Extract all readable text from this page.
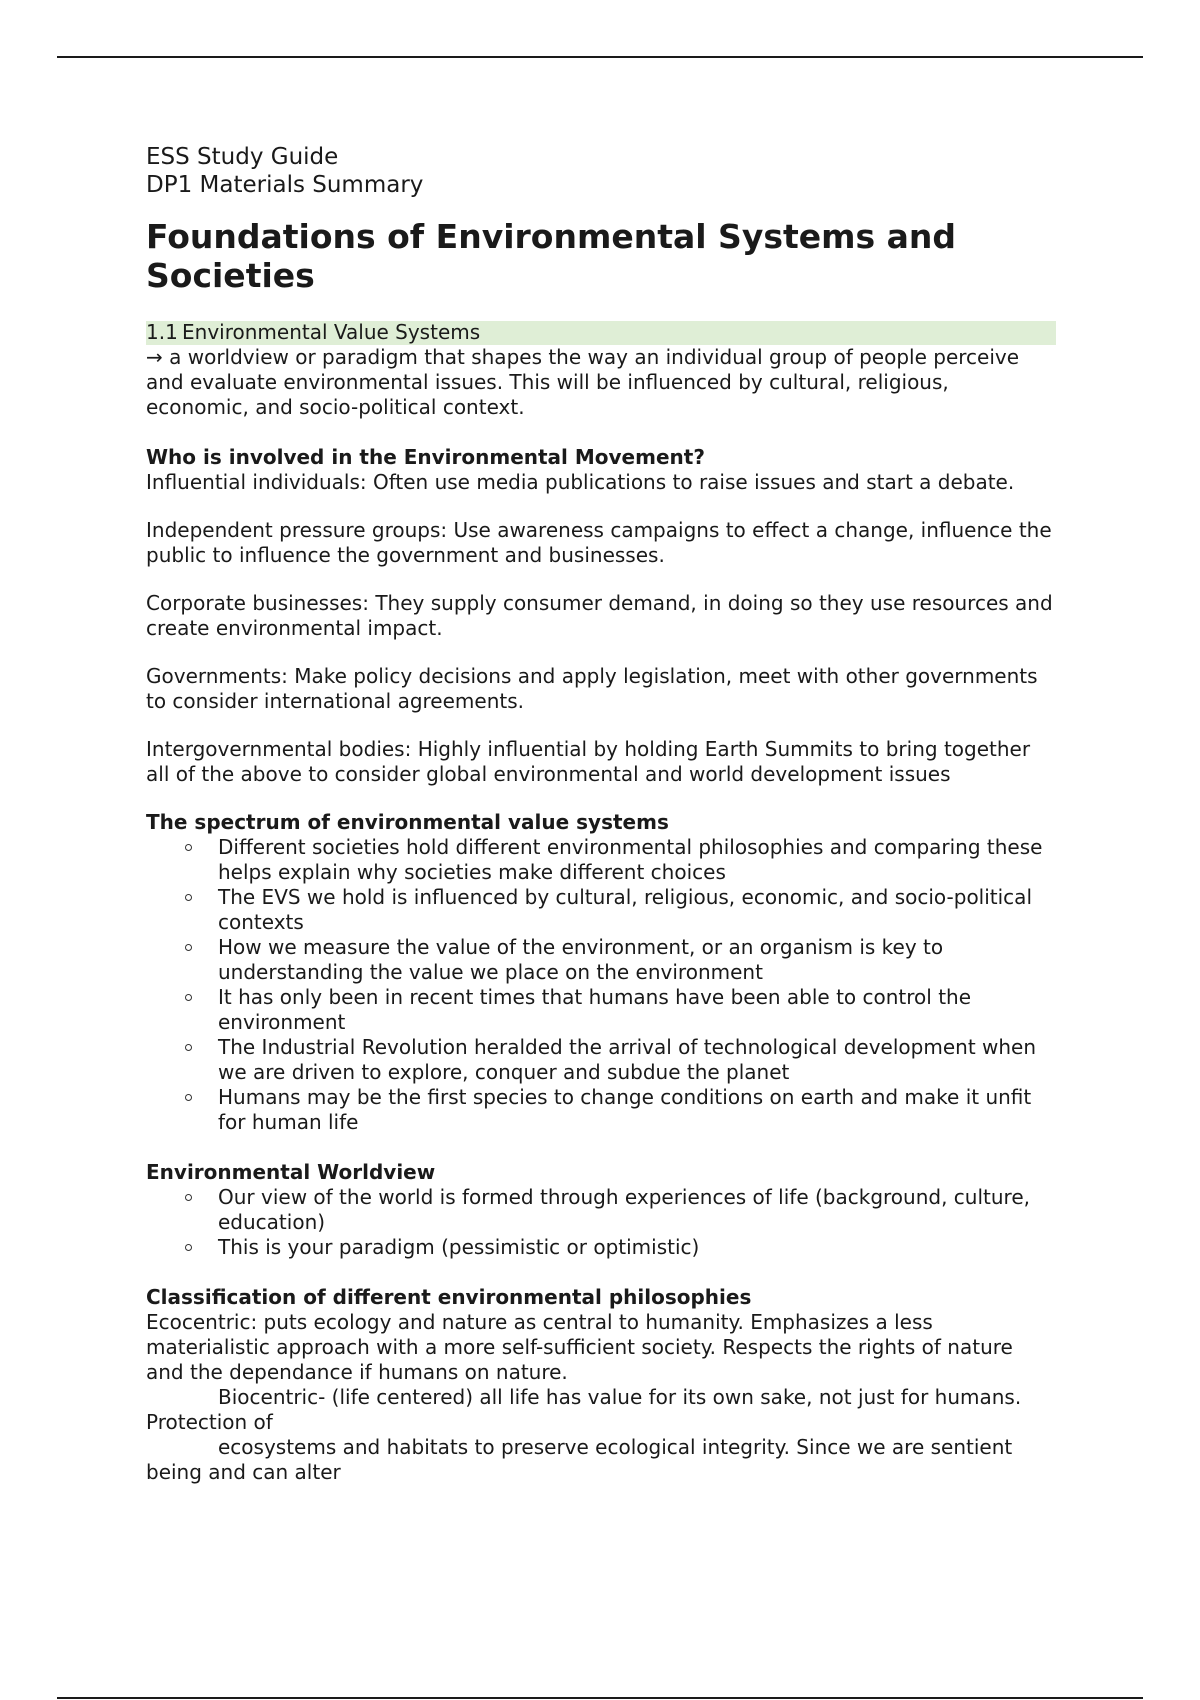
ESS Study Guide
DP1 Materials Summary
Foundations of Environmental Systems and Societies
1.1 Environmental Value Systems

→ a worldview or paradigm that shapes the way an individual group of people perceive and evaluate environmental issues. This will be influenced by cultural, religious, economic, and socio-political context.

Who is involved in the Environmental Movement?

Influential individuals: Often use media publications to raise issues and start a debate.

Independent pressure groups: Use awareness campaigns to effect a change, influence the public to influence the government and businesses.

Corporate businesses: They supply consumer demand, in doing so they use resources and create environmental impact.

Governments: Make policy decisions and apply legislation, meet with other governments to consider international agreements.

Intergovernmental bodies: Highly influential by holding Earth Summits to bring together all of the above to consider global environmental and world development issues

The spectrum of environmental value systems

Different societies hold different environmental philosophies and comparing these helps explain why societies make different choices
The EVS we hold is influenced by cultural, religious, economic, and socio-political contexts
How we measure the value of the environment, or an organism is key to understanding the value we place on the environment
It has only been in recent times that humans have been able to control the environment
The Industrial Revolution heralded the arrival of technological development when we are driven to explore, conquer and subdue the planet
Humans may be the first species to change conditions on earth and make it unfit for human life

Environmental Worldview

Our view of the world is formed through experiences of life (background, culture, education)
This is your paradigm (pessimistic or optimistic)

Classification of different environmental philosophies

Ecocentric: puts ecology and nature as central to humanity. Emphasizes a less materialistic approach with a more self-sufficient society. Respects the rights of nature and the dependance if humans on nature.

Biocentric- (life centered) all life has value for its own sake, not just for humans. Protection of

ecosystems and habitats to preserve ecological integrity. Since we are sentient being and can alter
